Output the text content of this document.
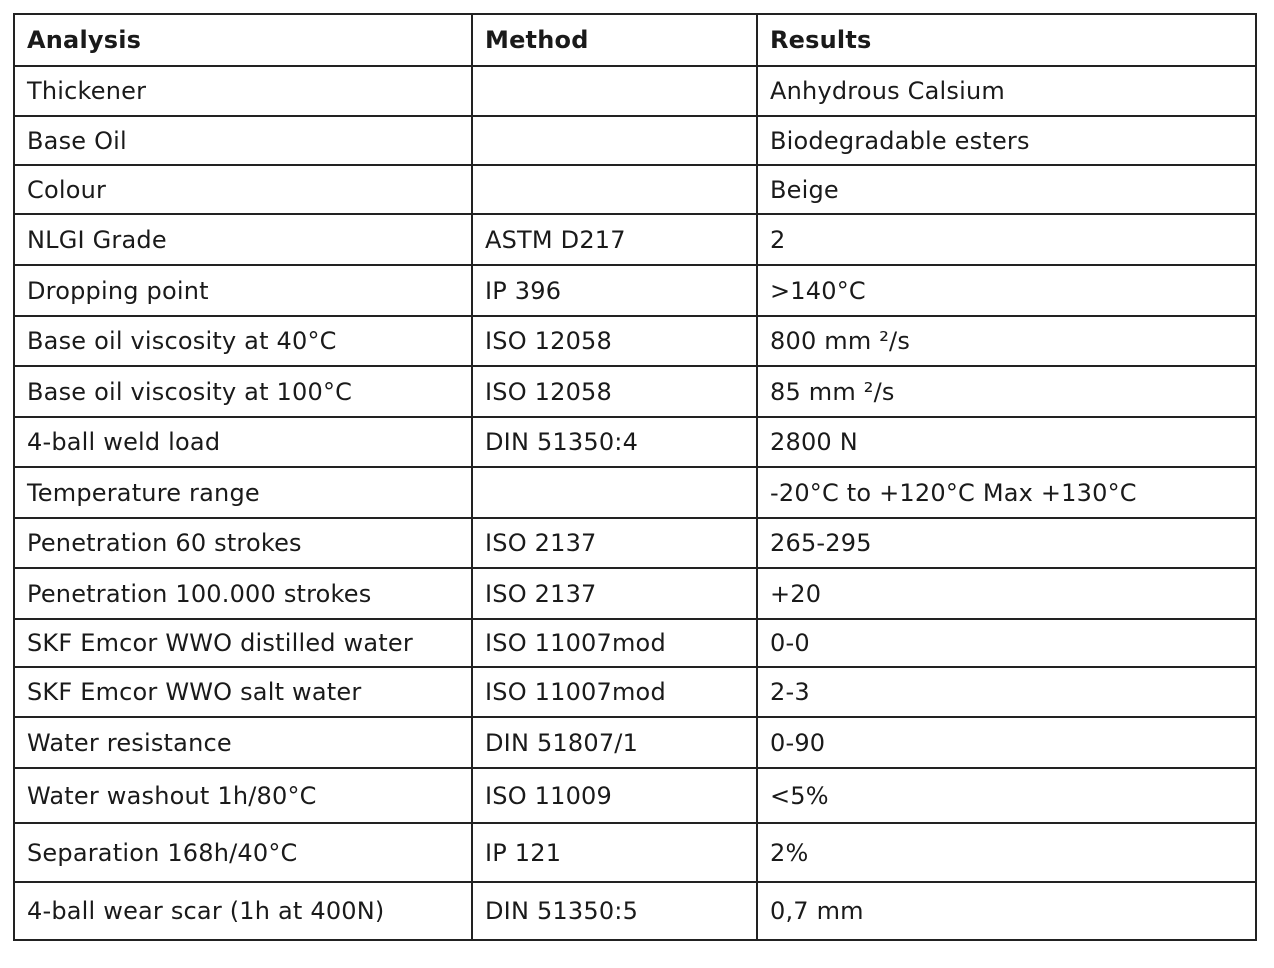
Analysis	Method	Results
Thickener		Anhydrous Calsium
Base Oil		Biodegradable esters
Colour		Beige
NLGI Grade	ASTM D217	2
Dropping point	IP 396	>140°C
Base oil viscosity at 40°C	ISO 12058	800 mm ²/s
Base oil viscosity at 100°C	ISO 12058	85 mm ²/s
4-ball weld load	DIN 51350:4	2800 N
Temperature range		-20°C to +120°C Max +130°C
Penetration 60 strokes	ISO 2137	265-295
Penetration 100.000 strokes	ISO 2137	+20
SKF Emcor WWO distilled water	ISO 11007mod	0-0
SKF Emcor WWO salt water	ISO 11007mod	2-3
Water resistance	DIN 51807/1	0-90
Water washout 1h/80°C	ISO 11009	<5%
Separation 168h/40°C	IP 121	2%
4-ball wear scar (1h at 400N)	DIN 51350:5	0,7 mm
